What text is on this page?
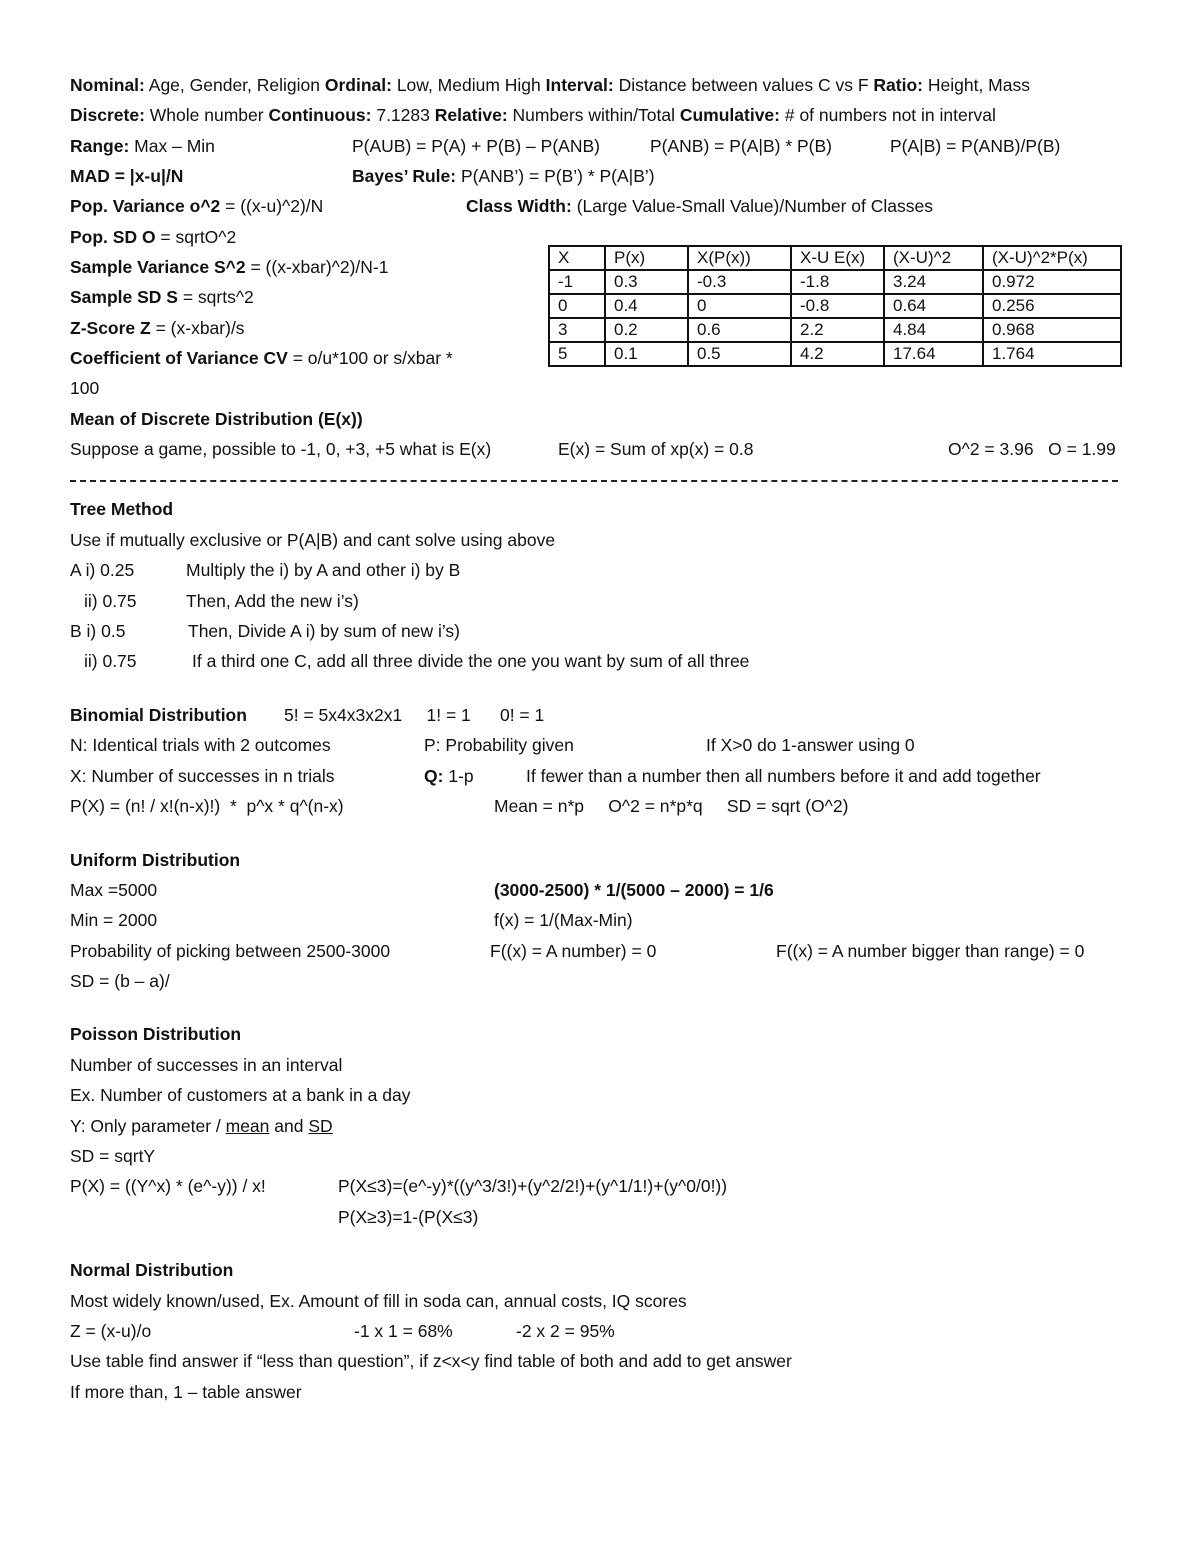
Nominal: Age, Gender, Religion Ordinal: Low, Medium High Interval: Distance between values C vs F Ratio: Height, Mass
Discrete: Whole number Continuous: 7.1283 Relative: Numbers within/Total Cumulative: # of numbers not in interval
Range: Max – Min	P(AUB) = P(A) + P(B) – P(ANB)	P(ANB) = P(A|B) * P(B)	P(A|B) = P(ANB)/P(B)
MAD = |x-u|/N	Bayes’ Rule: P(ANB’) = P(B’) * P(A|B’)
Pop. Variance o^2 = ((x-u)^2)/N	Class Width: (Large Value-Small Value)/Number of Classes
Pop. SD O = sqrtO^2
Sample Variance S^2 = ((x-xbar)^2)/N-1
Sample SD S = sqrts^2
Z-Score Z = (x-xbar)/s
Coefficient of Variance CV = o/u*100 or s/xbar *
100
X	P(x)	X(P(x))	X-U E(x)	(X-U)^2	(X-U)^2*P(x)
-1	0.3	-0.3	-1.8	3.24	0.972
0	0.4	0	-0.8	0.64	0.256
3	0.2	0.6	2.2	4.84	0.968
5	0.1	0.5	4.2	17.64	1.764
Mean of Discrete Distribution (E(x))
Suppose a game, possible to -1, 0, +3, +5 what is E(x)	E(x) = Sum of xp(x) = 0.8	O^2 = 3.96   O = 1.99
Tree Method
Use if mutually exclusive or P(A|B) and cant solve using above
A i) 0.25	Multiply the i) by A and other i) by B
ii) 0.75	Then, Add the new i’s)
B i) 0.5	Then, Divide A i) by sum of new i’s)
ii) 0.75	If a third one C, add all three divide the one you want by sum of all three
Binomial Distribution 5! = 5x4x3x2x1     1! = 1      0! = 1
N: Identical trials with 2 outcomes	P: Probability given	If X>0 do 1-answer using 0
X: Number of successes in n trials	Q: 1-p	If fewer than a number then all numbers before it and add together
P(X) = (n! / x!(n-x)!)  *  p^x * q^(n-x)	Mean = n*p     O^2 = n*p*q     SD = sqrt (O^2)
Uniform Distribution
Max =5000	(3000-2500) * 1/(5000 – 2000) = 1/6
Min = 2000	f(x) = 1/(Max-Min)
Probability of picking between 2500-3000	F((x) = A number) = 0	F((x) = A number bigger than range) = 0
SD = (b – a)/
Poisson Distribution
Number of successes in an interval
Ex. Number of customers at a bank in a day
Y: Only parameter / mean and SD
SD = sqrtY
P(X) = ((Y^x) * (e^-y)) / x!	P(X≤3)=(e^-y)*((y^3/3!)+(y^2/2!)+(y^1/1!)+(y^0/0!))
P(X≥3)=1-(P(X≤3)
Normal Distribution
Most widely known/used, Ex. Amount of fill in soda can, annual costs, IQ scores
Z = (x-u)/o	-1 x 1 = 68%	-2 x 2 = 95%
Use table find answer if “less than question”, if z<x<y find table of both and add to get answer
If more than, 1 – table answer
